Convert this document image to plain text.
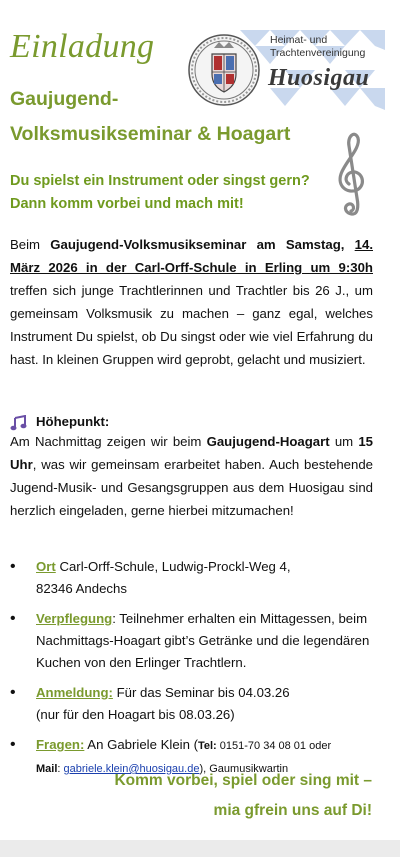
Einladung
Gaujugend-
Volksmusikseminar & Hoagart
Heimat- und
Trachtenvereinigung
Huosigau
Du spielst ein Instrument oder singst gern?
Dann komm vorbei und mach mit!
Beim Gaujugend-Volksmusikseminar am Samstag, 14. März 2026 in der Carl-Orff-Schule in Erling um 9:30h treffen sich junge Trachtlerinnen und Trachtler bis 26 J., um gemeinsam Volksmusik zu machen – ganz egal, welches Instrument Du spielst, ob Du singst oder wie viel Erfahrung du hast. In kleinen Gruppen wird geprobt, gelacht und musiziert.
Höhepunkt:
Am Nachmittag zeigen wir beim Gaujugend-Hoagart um 15 Uhr, was wir gemeinsam erarbeitet haben. Auch bestehende Jugend-Musik- und Gesangsgruppen aus dem Huosigau sind herzlich eingeladen, gerne hierbei mitzumachen!
• Ort Carl-Orff-Schule, Ludwig-Prockl-Weg 4,
82346 Andechs
• Verpflegung: Teilnehmer erhalten ein Mittagessen, beim Nachmittags-Hoagart gibt’s Getränke und die legendären Kuchen von den Erlinger Trachtlern.
• Anmeldung: Für das Seminar bis 04.03.26
(nur für den Hoagart bis 08.03.26)
• Fragen: An Gabriele Klein (Tel: 0151-70 34 08 01 oder
Mail: gabriele.klein@huosigau.de), Gaumusikwartin
Komm vorbei, spiel oder sing mit –
mia gfrein uns auf Di!
